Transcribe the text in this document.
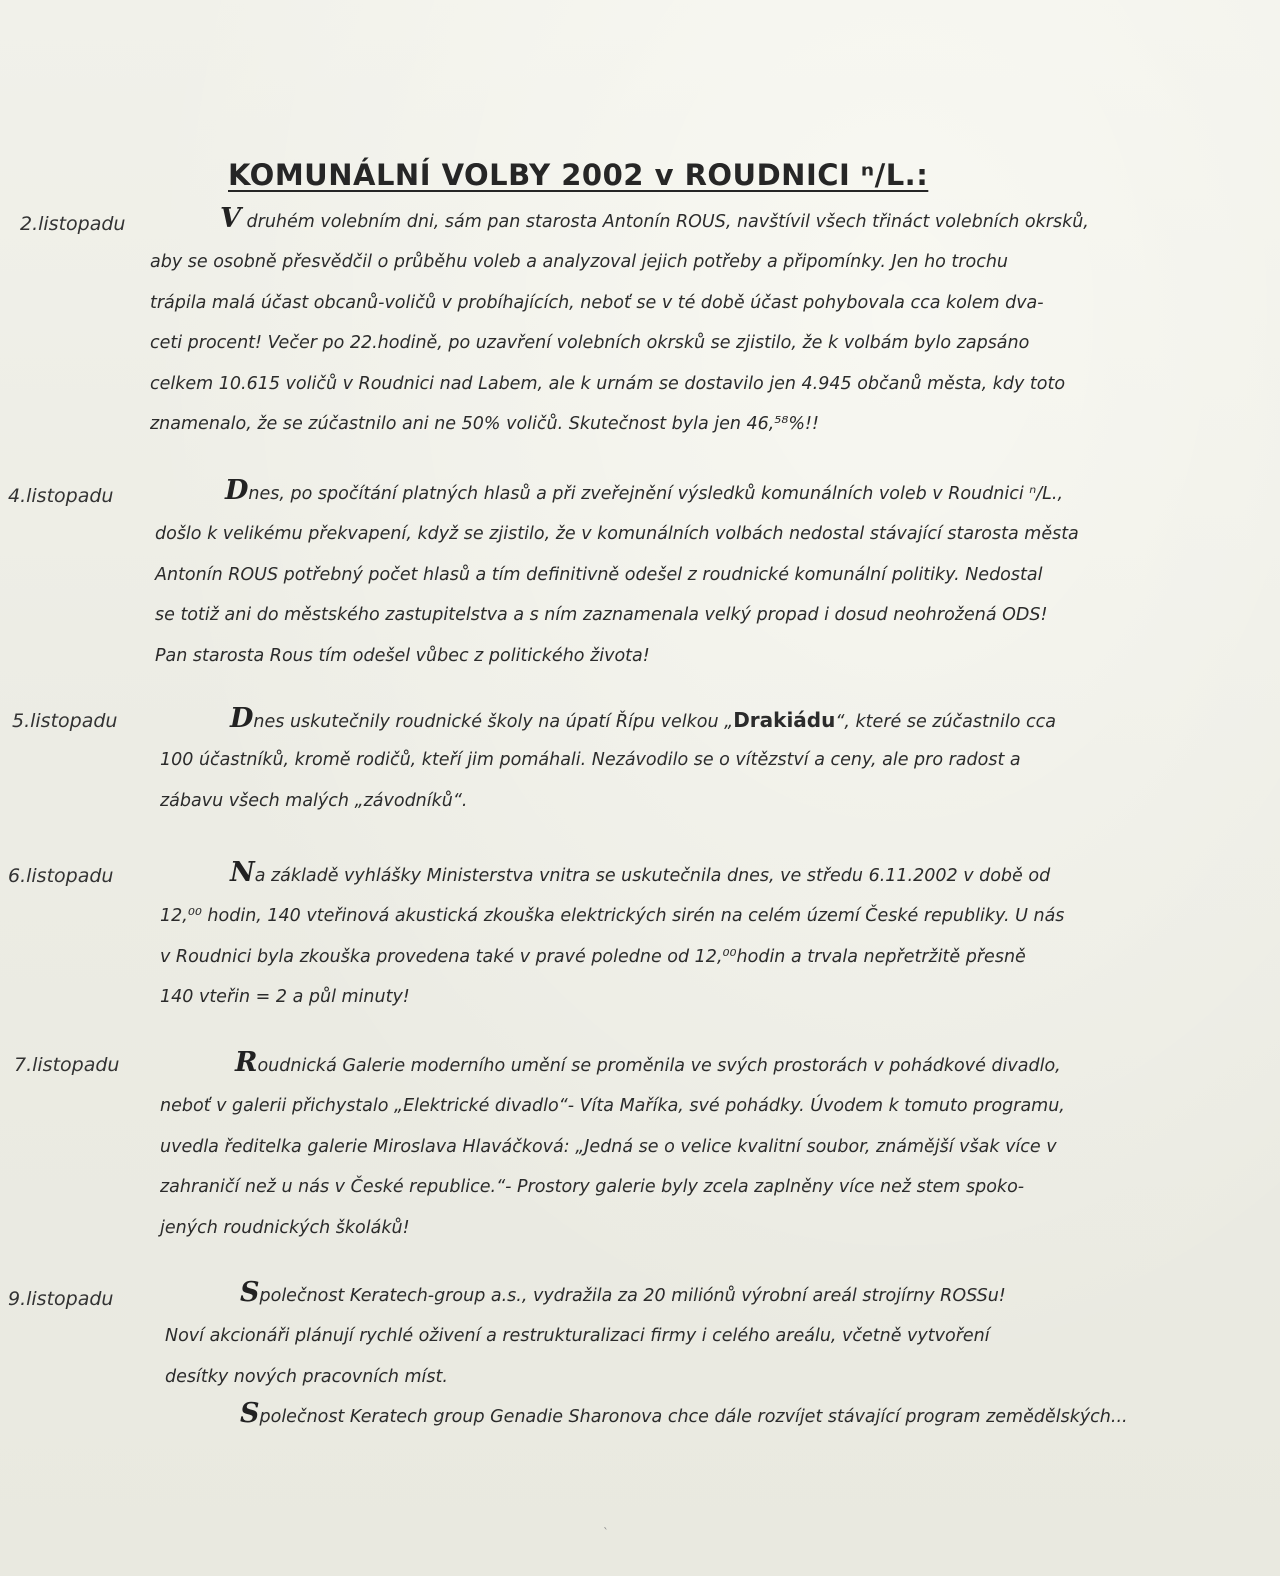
KOMUNÁLNÍ VOLBY 2002 v ROUDNICI ⁿ/L.:
2.listopadu	V druhém volebním dni, sám pan starosta Antonín ROUS, navštívil všech třináct volebních okrsků,
aby se osobně přesvědčil o průběhu voleb a analyzoval jejich potřeby a připomínky. Jen ho trochu
trápila malá účast obcanů-voličů v probíhajících, neboť se v té době účast pohybovala cca kolem dva-
ceti procent! Večer po 22.hodině, po uzavření volebních okrsků se zjistilo, že k volbám bylo zapsáno
celkem 10.615 voličů v Roudnici nad Labem, ale k urnám se dostavilo jen 4.945 občanů města, kdy toto
znamenalo, že se zúčastnilo ani ne 50% voličů. Skutečnost byla jen 46,⁵⁸%!!
4.listopadu	Dnes, po spočítání platných hlasů a při zveřejnění výsledků komunálních voleb v Roudnici ⁿ/L.,
došlo k velikému překvapení, když se zjistilo, že v komunálních volbách nedostal stávající starosta města
Antonín ROUS potřebný počet hlasů a tím definitivně odešel z roudnické komunální politiky. Nedostal
se totiž ani do městského zastupitelstva a s ním zaznamenala velký propad i dosud neohrožená ODS!
Pan starosta Rous tím odešel vůbec z politického života!
5.listopadu	Dnes uskutečnily roudnické školy na úpatí Řípu velkou „Drakiádu“, které se zúčastnilo cca
100 účastníků, kromě rodičů, kteří jim pomáhali. Nezávodilo se o vítězství a ceny, ale pro radost a
zábavu všech malých „závodníků“.
6.listopadu	Na základě vyhlášky Ministerstva vnitra se uskutečnila dnes, ve středu 6.11.2002 v době od
12,⁰⁰ hodin, 140 vteřinová akustická zkouška elektrických sirén na celém území České republiky. U nás
v Roudnici byla zkouška provedena také v pravé poledne od 12,⁰⁰hodin a trvala nepřetržitě přesně
140 vteřin = 2 a půl minuty!
7.listopadu	Roudnická Galerie moderního umění se proměnila ve svých prostorách v pohádkové divadlo,
neboť v galerii přichystalo „Elektrické divadlo“- Víta Maříka, své pohádky. Úvodem k tomuto programu,
uvedla ředitelka galerie Miroslava Hlaváčková: „Jedná se o velice kvalitní soubor, známější však více v
zahraničí než u nás v České republice.“- Prostory galerie byly zcela zaplněny více než stem spoko-
jených roudnických školáků!
9.listopadu	Společnost Keratech-group a.s., vydražila za 20 miliónů výrobní areál strojírny ROSSu!
Noví akcionáři plánují rychlé oživení a restrukturalizaci firmy i celého areálu, včetně vytvoření
desítky nových pracovních míst.
Společnost Keratech group Genadie Sharonova chce dále rozvíjet stávající program zemědělských...
ˋ
